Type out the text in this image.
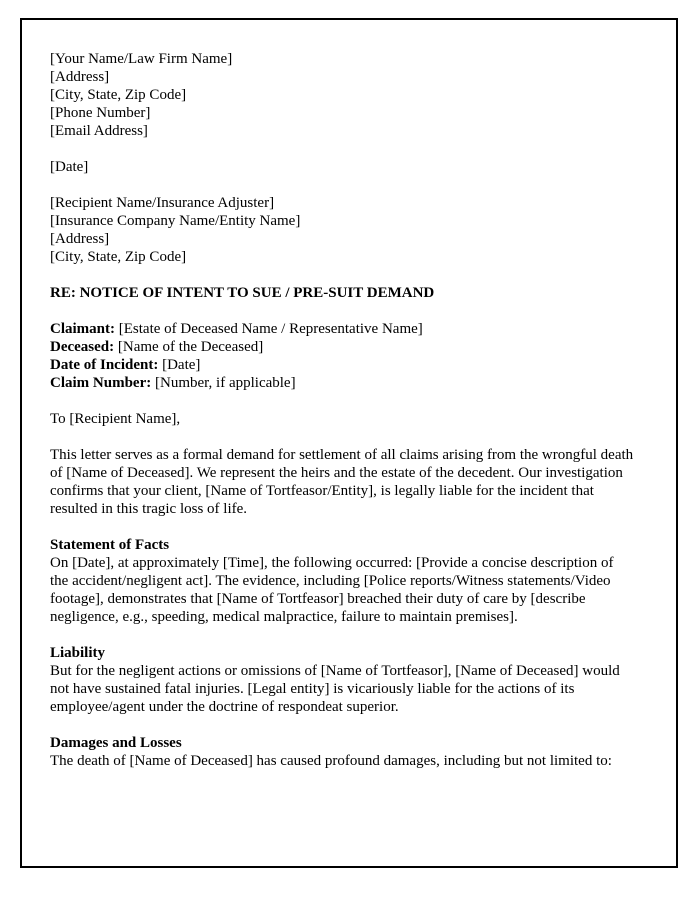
[Your Name/Law Firm Name]
[Address]
[City, State, Zip Code]
[Phone Number]
[Email Address]
[Date]
[Recipient Name/Insurance Adjuster]
[Insurance Company Name/Entity Name]
[Address]
[City, State, Zip Code]
RE: NOTICE OF INTENT TO SUE / PRE-SUIT DEMAND
Claimant: [Estate of Deceased Name / Representative Name]
Deceased: [Name of the Deceased]
Date of Incident: [Date]
Claim Number: [Number, if applicable]
To [Recipient Name],

This letter serves as a formal demand for settlement of all claims arising from the wrongful death of [Name of Deceased]. We represent the heirs and the estate of the decedent. Our investigation confirms that your client, [Name of Tortfeasor/Entity], is legally liable for the incident that resulted in this tragic loss of life.

Statement of Facts

On [Date], at approximately [Time], the following occurred: [Provide a concise description of the accident/negligent act]. The evidence, including [Police reports/Witness statements/Video footage], demonstrates that [Name of Tortfeasor] breached their duty of care by [describe negligence, e.g., speeding, medical malpractice, failure to maintain premises].

Liability

But for the negligent actions or omissions of [Name of Tortfeasor], [Name of Deceased] would not have sustained fatal injuries. [Legal entity] is vicariously liable for the actions of its employee/agent under the doctrine of respondeat superior.

Damages and Losses

The death of [Name of Deceased] has caused profound damages, including but not limited to:
